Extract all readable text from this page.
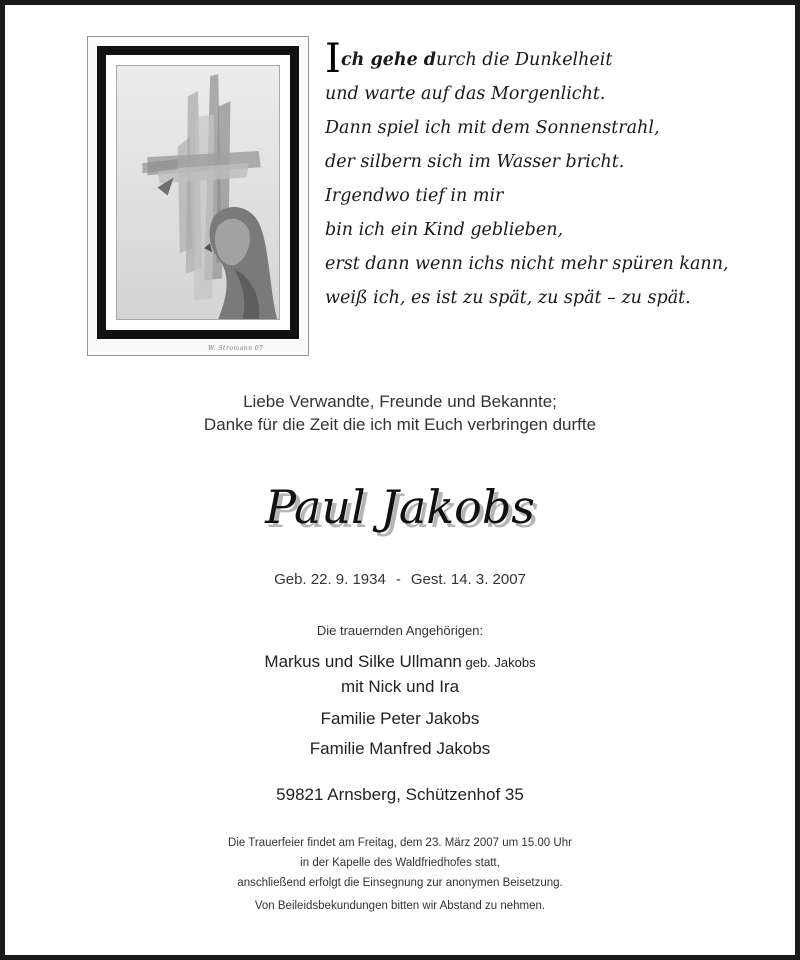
W. Stromann 07
I ch gehe durch die Dunkelheit
und warte auf das Morgenlicht.
Dann spiel ich mit dem Sonnenstrahl,
der silbern sich im Wasser bricht.
Irgendwo tief in mir
bin ich ein Kind geblieben,
erst dann wenn ichs nicht mehr spüren kann,
weiß ich, es ist zu spät, zu spät – zu spät.
Liebe Verwandte, Freunde und Bekannte;
Danke für die Zeit die ich mit Euch verbringen durfte
Paul Jakobs
Geb. 22. 9. 1934 - Gest. 14. 3. 2007
Die trauernden Angehörigen:
Markus und Silke Ullmann geb. Jakobs
mit Nick und Ira
Familie Peter Jakobs
Familie Manfred Jakobs
59821 Arnsberg, Schützenhof 35
Die Trauerfeier findet am Freitag, dem 23. März 2007 um 15.00 Uhr
in der Kapelle des Waldfriedhofes statt,
anschließend erfolgt die Einsegnung zur anonymen Beisetzung.
Von Beileidsbekundungen bitten wir Abstand zu nehmen.
